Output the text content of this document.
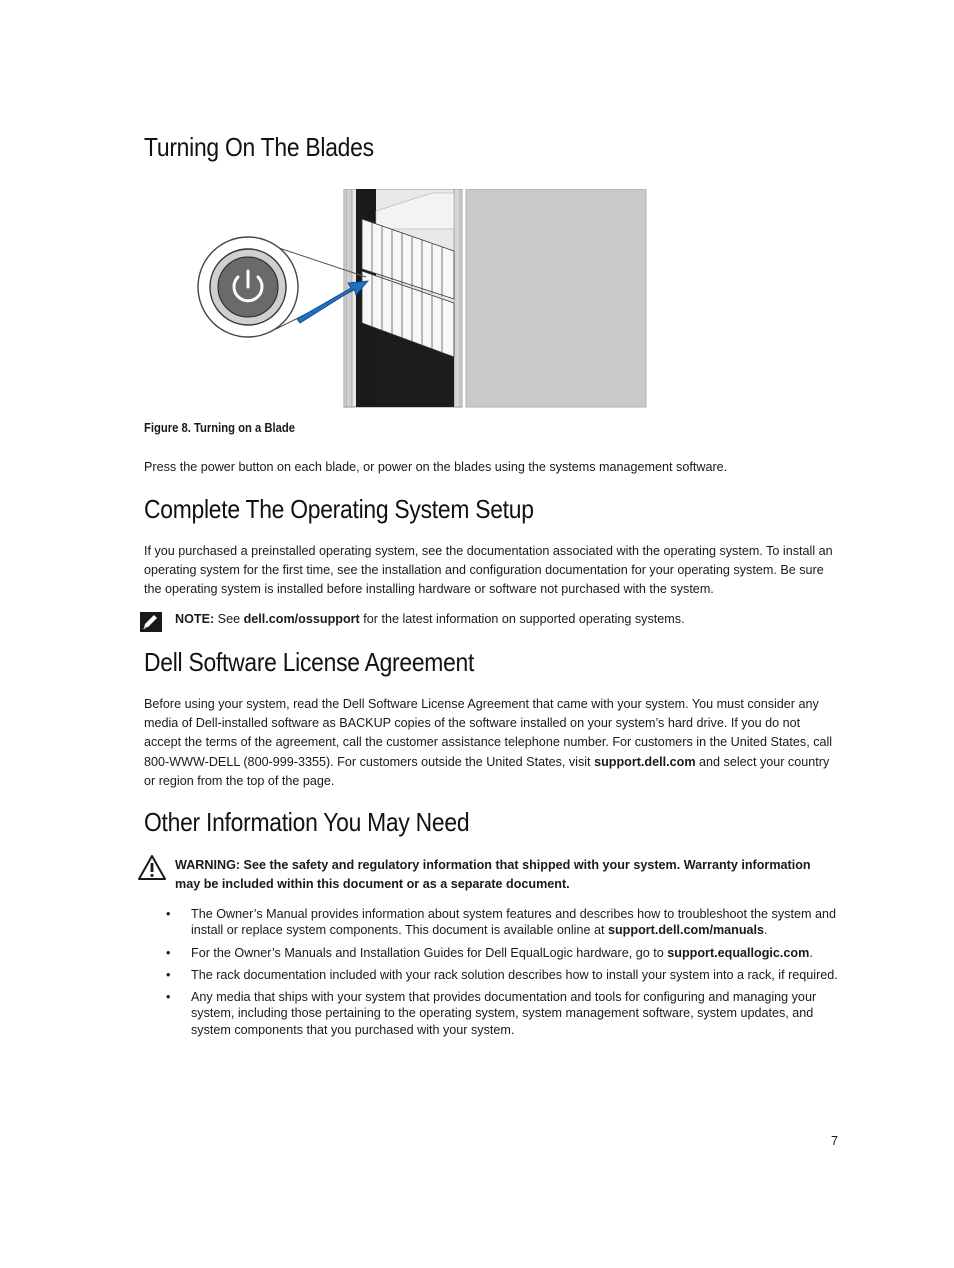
Turning On The Blades
Figure 8. Turning on a Blade

Press the power button on each blade, or power on the blades using the systems management software.

Complete The Operating System Setup

If you purchased a preinstalled operating system, see the documentation associated with the operating system. To install an operating system for the first time, see the installation and configuration documentation for your operating system. Be sure the operating system is installed before installing hardware or software not purchased with the system.

NOTE: See dell.com/ossupport for the latest information on supported operating systems.
Dell Software License Agreement

Before using your system, read the Dell Software License Agreement that came with your system. You must consider any media of Dell-installed software as BACKUP copies of the software installed on your system’s hard drive. If you do not accept the terms of the agreement, call the customer assistance telephone number. For customers in the United States, call 800-WWW-DELL (800-999-3355). For customers outside the United States, visit support.dell.com and select your country or region from the top of the page.

Other Information You May Need
WARNING: See the safety and regulatory information that shipped with your system. Warranty information may be included within this document or as a separate document.
• The Owner’s Manual provides information about system features and describes how to troubleshoot the system and install or replace system components. This document is available online at support.dell.com/manuals.
• For the Owner’s Manuals and Installation Guides for Dell EqualLogic hardware, go to support.equallogic.com.
• The rack documentation included with your rack solution describes how to install your system into a rack, if required.
• Any media that ships with your system that provides documentation and tools for configuring and managing your system, including those pertaining to the operating system, system management software, system updates, and system components that you purchased with your system.
7
